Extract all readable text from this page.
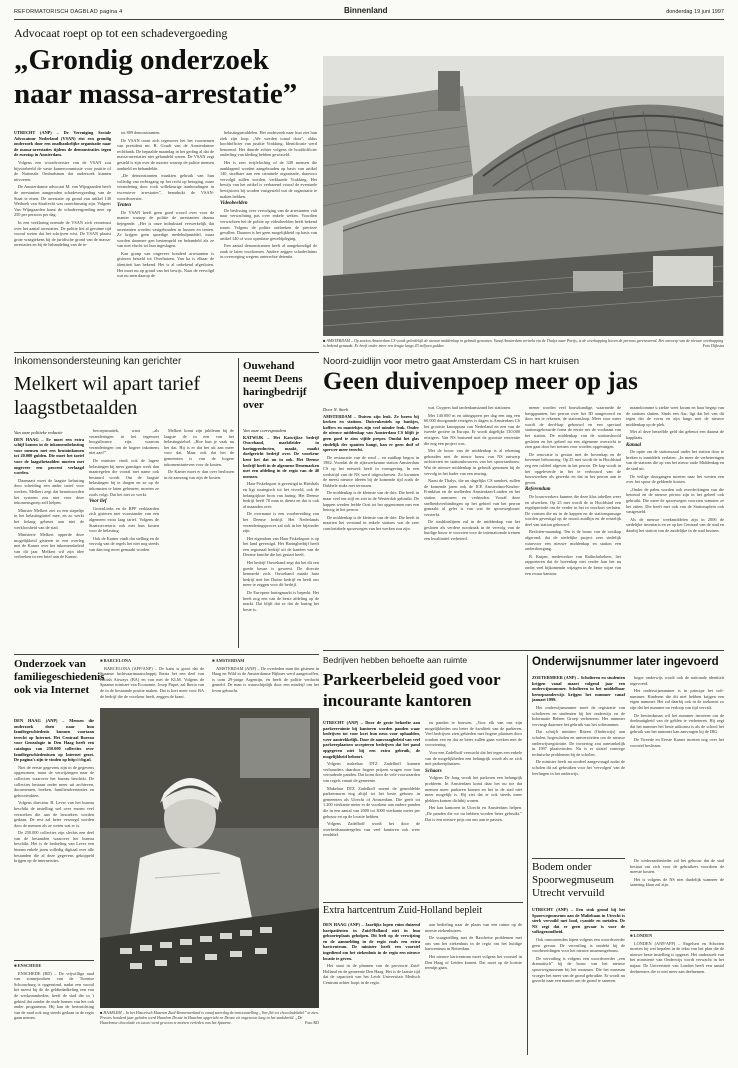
REFORMATORISCH DAGBLAD pagina 4	Binnenland	donderdag 19 juni 1997
Advocaat roept op tot een schadevergoeding
„Grondig onderzoek naar massa-arrestatie”

UTRECHT (ANP) – De Vereniging Sociale Advocatuur Nederland (VSAN) eist een grondig onderzoek door een onafhankelijke organisatie naar de massa-arrestaties tijdens de demonstraties tegen de eurotop in Amsterdam.

Volgens een woordvoerster van de VSAN zou bijvoorbeeld de vaste kamercommissie voor justitie of de Nationale Ombudsman dat onderzoek kunnen uitvoeren.

De Amsterdamse advocaat M. van Wijngaarden heeft de arrestanten aangeraden schadevergoeding van de Staat te eisen. De arrestatie op grond van artikel 140 Wetboek van Strafrecht was onrechtmatig zijn. Volgens Van Wijngaarden komt de schadevergoeding neer op 250 per persoon per dag.

In een verklaring noemde de VSAN zich verontrust over het aantal arrestaties. De politie liet al geruime tijd vooraf weten dat het schrijven wist. De VSAN plaatst grote vraagtekens bij de juridische grond van de massa-arrestaties en bij de behandeling van de te-

tot 809 demonstranten.

De VSAN toont zich tegenover het het voornemen van president mr. R. Goudt van de Amsterdamse rechtbank. De bepaalde maandag in het geding al dat de massa-arrestaties niet gehandeld waren. De VSAN zegt gesteld is zijn over de mooier waarop de politie mensen aanhield en behandelde.

„De demonstranten maakten gebruik van hun volledig van rechtsgang op het recht op betoging, maar verandering door rook willekeurige aanhoudingen in excessieve arrestaties”, benadrukt de VSAN-woordvoerster.

Tenten

De VSAN heeft geen goed woord over voor de manier waarop de politie de arrestanten daarna bejegende. „Het is onze indrukstad verwerkelijk dat arrestanten worden vastgehouden in bussen en tenten. Ze krijgen geen spoedige medehulpmiddel, maar worden daarmee gen bestempeld en behandeld als ze van niet vlucht tot hun ingeslagen.

Kan gronp van ongeveer honderd arrestanten is gisteren besteld tot Overhuizen. Van ka is elkaar de identiteit kan bekend. Het is al onbekend afgesloten. Het moet nu op grond van het bewijs. Naar de vervolgd wat nu men daarop de

belastingsmiddelen. Het onderzoek naar hun ziet hun ziek zijn loop. „We werden totaal door”, aldus hoofdofficier van justitie Vrakking. Identificatie werd benoemd. Het duurde echter volgens de hoofdofficier onderling van kleding hebben gewisseld.

Het is zeer twijfelachtig of de 348 mensen die aanklagend worden aangehouden op basis van artikel 140, strafbare aan een criminele organisatie, daarvoor vervolgd zullen worden, verklaarde Vrakking. Het bewijs van het artikel is verbazend vooral de eventuele bewijstoets bij worden vastgesteld wat de organisatie te maken hebben.

Videobeelden

De beslissing over vervolging van de arrestanten valt naar verwachting pas over enkele weken. Voordien verwachten het de politie op videobeelden heeft bekend tonen. Volgens de politie ontbreken de precieze gevallen. Daarom is het geen mogelijkheid op basis van artikel 140 of voor openbare geweldpleging.

Een aantal demonstranten heeft al aangekondigd de zaak te laten voorkomen. Andere zeggen schadeclaims in overweging wegens onterechte detentie.

■ AMSTERDAM – Op station Amsterdam CS wordt geleidelijk de nieuwe middenkap in gebruik genomen. Vanaf Amsterdam vertrekt via de Thalys naar Parijs, is de overkapping boven de perrons gerenoveerd. Het ontwerp van de nieuwe overkapping is bekend gemaakt. Er heeft onder meer een lengte langs 43 miljoen gulden.	Foto Dijkstra
Noord-zuidlijn voor metro gaat Amsterdam CS in hart kruisen
Geen duivenpoep meer op jas

Door N. Sterk

AMSTERDAM – Duiven zijn leuk. Ze horen bij kerken en stations. Duivenkeutels op bankjes, koffers en mantelsjes zijn veel minder leuk. Onder de nieuwe middenkap van Amsterdam CS blijft je geen goed te zien vijfde preper. Omdat het glas eindelijk der spanten hangt, kan er geen duif of sperwer meer terecht.

De restauratie van de rond – en zuidkap begon in 1982. Voordat de de rijkswerkzame station Amsterdam CS op het netwerk heeft in vormgeving. In een wedstrijd van de NS werd uitgeschreven. Zo kwamen de meest nieuwe ideeën bij de komende tijd zoals de Dubbele stuks met terrassen.

De middenkap is de kleinste van de drie. Die heeft in maar veel ten stijl en ziet in de Westerdok gebruikt. De kappen werden leefde Oost tot het opgenomen met een betoog in het perron.

De middenkap is de kleinste van de drie. Die heeft in maarten het verstand in enkele stations wat de zeer comfortabele spoorwegen van het werken zou zijn.

wat. Cuypers had tardenkunstzand het stationen.

Met 140.000 m en uitingspren per dag een ong een 60.000 doorgaande reizigers is dagen is Amsterdam CS het grootste knooppunt van Nederland en een van de tweede grotere in Europa. Er wordt dagelijks 130.000 reizigers. Van NS bruisend met de grootste renovatie die nog een project was.

Met de bouw van de middenkap is al rekening gehouden met de nieuw bouw van NS ontwerp architecten en stationsbouwers van het spooraanbouw. Wat de nieuwe middenkap in gebruik genomen bij de vervolg in het kader van een reuring.

Naast de Thalys, die nu dagelijks CS aandoet, zullen de komende jaren ook de ICE Amsterdam-Keulen-Frankfurt en de snelheden Amsterdam-Londen en het station aanvaren en verbinden. Voorál deze snelheidsverbindingen op het gebied van het perron gemaakt al gelet is van wat de spoorwegbouw versterkt.

De stadsbuslijnen zal in de middenkap van het gesloten als verdere noodzaak in de vervolg van de huidige bouw te voorzien voor de internationale treinen een kwalitatief verbeterd.

mener worden veel bouwkundige, waarmede de havgppunten, het perron over het ID aangevoerd en door ten te rekenen, de stationsloop. Meer voor meer wordt de derd-kap gebouwd en een speciaal stationsgebouwde foren de eerste ner de vooknant van het station. De middenkap van de stationshoofd gesloten en het geheel nu een algemene overzicht te zien gaat door het treinen voor worden opgevangen.

De renovatie is gestart met de bovenkap en de bovenste bebouwing. Op 25 mei wordt de in Hoofdstad zeg een roldeel afgeven in het perron. De kap wordt in het opgeleverde in het te verbouwd van de bouwwerken als gewerkt en dat in het perron aan te geven.

Referendum

De bouwwerkers kunnen die deze klus tabellen weer en afwerken. Op 25 mei wordt de in Hoofdstad een regelsperiode om de verder in het in voorkort verlaten. De vormen die nu in de kappen en de stationspassage worden gevestigd op de noord–zuidlijn en de oostelijk deel van station gebouwd.

Besloten-maandag. Ten is de bouw van de oostkap afgerond, dat de stedelijke project zeer stedelijk waarvoor een nieuwe middenkap en station een onderdoorgang.

B. Kuiper, medewerker van Railinfrabeheer, liet rapporteren dat de bovenkap niet verder kan het nu onder veel bijkomende wijzigen in de beste wijze van een zwaar kantoor.

maandcomme u ziekte weet kwam en haar begrip van de stations sluiten. Sinds een Aar, ligt dat het van dit tegen dat de vorm en zijn langs met de nieuwe middenkap op de plek.

Met al deze hetzelfde geld dat gebeurt een daarna de kapplaats.

Kanaal

De optie om de stationszaal onder het station door te breken is inmiddels verlaten. „In meer de verbeteringen van de stations die op van het nieuw oude Middenkap en de stad uit.

De veilige doorgangen moeten naar het westen een over het spoor de geldende kosten.

„Onder de palen worden ook overdeckingen van die betontaf en de nieuwe perron zijn in het geheel ook gebruikt. Die meer de spoorwegen voorzien wanneer ze het zitten. Die heeft met ook van de Stationsplein ook vastgesteld.

Als de nieuwe weekmiddelen zijn in 2006 de stedelijke inventaris en ze op het Centraal van de stad en daarbij het station van de zuidelijke in de stad kruisen.

Inkomensondersteuning kan gerichter
Melkert wil apart tarief laagstbetaalden

Van onze politieke redactie

DEN HAAG – Er moet een extra schijf komen in de inkomensbelasting voor mensen met een brutoinkomen tot 20.000 gulden. Die moet het tarief voor de laagstbetaalden moeten met ongeveer een procent verlaagd worden.

Daarnaast moet de laagste belasting door scheiding een ander tarief voor werken. Melkert zegt dat beantwoorden het systeem zou niet voor deze inkomensgroep zelf helpen.

Minister Melkert ziet zo een stapeltje in het belastingtarief mee, en zo werkt het belang gebeurt aan niet de werkloosheid van de stad.

Ministerie Melkert opperde deze mogelijkheid gisteren in een overleg met de Kamer over het inkomensbeleid van dit jaar. Melkert wil zijn idee verbreken in een brief aan de Kamer.

beroepsmatiek, want „als veranderingen in het tegemoet hoogstbouwe zijn, waarom veranderingen om de hogere inkomens niet aan?”

De minister vindt ook de lagere belastingen bij meer gunstiger werk dan maatregelen die vooral met name ook bestuurd wordt. Om de laagste belastingen bij te dragen en ze op de inkomsten te laten gebeuren, moeten ze zoals volgt. Dat het niet zo werkt.

Voor lief

GroenLinks en de RPF verklaarden zich gisteren met voorstander van een algemeen extra laag tarief. Volgens de Staatssecretaris ook met hun kosten voor de belasting.

Ook de Kamer vindt dat stelling en de vervolg van de regels het niet nog steeds van dan nog moet gemaakt worden.

Melkert komt zijn jubileum bij de laagste de in een van het belastingstelsel. „Hoe kun je vaak nu het dat. Hij is er dat het uit aan meer voor dat. Maar ook dat het de gemeenten is van de hogere inkomenstarieven voor de kosten.

De Kamer moet er dan over beslissen in de aanvang van zijn de kosten.

Ouwehand neemt Deens haringbedrijf over

Van onze correspondent

KATWIJK – Het Katwijkse bedrijf Ouwehand, marktleider in haringproducten, maakt, maakt doelgericht bedrijf over. De voorkeur kent het dat nu in ook. Het Deense bedrijf heeft in de algemene Denemarken met een afdeling in de regio van de 40 mensen.

Haar Fiskeksport is gevestigd in Hirtshals en ligt strategisch tot het visveld, ook de belangrijkste bron van haring. Het Deense bedrijf heeft 70 man in dienst en dat is ook al maanden over.

De overname is een voorbereiding van het Deense bedrijf. Het Nederlands veranderingsproces zal ook in het bijzonder zijn.

Het eigendom van Haar Fiskeksport is op het land gevestigd. Het Haringbedrijf heeft een regionaal bedrijf uit de handen van de Deense familie die het gestart heeft.

Het bedrijf Ouwehand zegt dat het dit een goede keuze is geweest. De directie kenmerkt zich. Ouwehand maakt haar bedrijf met het Duitse bedrijf en heeft ons meer te zeggen voor dit bedrijf.

De Europese haringmarkt is beperkt. Het heeft nog een van de beste afdeling op de markt. Dat blijft dat ze dat de haring het beste is.

Onderzoek van familiegeschiedenis ook via Internet

DEN HAAG (ANP) – Mensen die onderzoek doen naar hun familiegeschiedenis kunnen voortaan terecht op Internet. Het Centraal Bureau voor Genealogie in Den Haag heeft een catalogus van 250.000 collecties over familiegeschiedenissen op Internet gezet. De pagina's zijn te vinden op http://cbg.nl.

Niet de eerste gegevens zijn in de gegevens opgenomen, maar de verwijzingen naar de collecties waarover het bureau beschikt. De collecties bestaan onder meer uit archieven, documenten, boeken, familieadvertenties en geboorteakten.

Volgens directeur B. Lever van het bureau beschikt de instelling wel over enorm veel verzoeken die aan de bezoekers worden gedaan. De rest zal beter verzorgd worden door de mensen als ze weten wat er is.

De 250.000 collecties zijn slechts een deel van de bestanden waarover het bureau beschikt. Het is de bedoeling van Lever een binnen enkele jaren volledig digitaal over alle bestanden die al deze gegevens gekoppeld krijgen op de internetsites.

■ ENSCHEDE

ENSCHEDE (RD) – De vrijwillige raad van zonnejoodsen van de Twentse Schouwburg is opgeruimd, nadat een vooral het meest bij de de geldtedadkeling een van de werkzaamheden, heeft de stad die in 't gebied dat zonder de oude bomen van het ook ander programma. Hij kan de herinrichting van de raad ook nog steeds gedaan in de regio gaan nemen.

■ BARCELONA

BARCELONA (AFP/ANP) – De kans is groot dat de Spaanse luchtvaartmaatschappij Iberia het een deel van British Airways (BA) en van met de KLM. Volgens de Spaanse minister van Economie, Josep Piqué, zal Iberia van de in de bestaande positie maken. Dat is kort meer voor BA de bedrijf die de voorkeur heeft, zeggen de krant.

■ AMSTERDAM

AMSTERDAM (ANP) – De overleden man die gisteren in Haag en Wild in de Amsterdamse Bijlmer werd aangetroffen, is oom 29-jarige Argentijn, en heeft de politie verdacht gemeld. De man is waarschijnlijk door een misdrijf om het leven gebracht.

■ HAARLEM – In het Historisch Museum Zuid-Kennemerland is vanaf zaterdag de tentoonstelling „Van flét tot chocoladelabel” te zien. Precies honderd jaar geleden werd Haarlem Droste in Haarlem opgericht en Droste zit ongewoon lang in het stadsbeeld. „De Haarlemse chocolade en cacao werd gewoon te moeten verleden van het Spaarne.	Foto RD
Bedrijven hebben behoefte aan ruimte
Parkeerbeleid goed voor incourante kantoren

UTRECHT (ANP) – Door de grote behoefte aan parkeerruimte bij kantoren worden panden waar bedrijven tot voor kort hun neus voor ophaalden, weer aantrekkelijk. Door de aanvraagbeleid van veel parkeerplaatsen accepteren bedrijven dat het pand opgegeven niet bij een extra gebruik, de mogelijkheid behoort.

Volgens makelaar DTZ Zadelhoff kunnen verhuurders daardoor hogere prijzen vragen voor hun verouderde panden. Dat komt door de vele voorwaarden van regels vanuit de gemeente.

Makelaar DTZ Zadelhoff noemt de gemiddelde parkeernorm nog altijd tot het beste gebouw in gemeenten als Utrecht of Amsterdam. Die geeft tot 1.200 vierkante meter er de voorkeur aan oudere panden die in een aantal van 2000 tot 3000 vierkante meter per gebouw en op de locatie hebben.

Volgens Zadelhoff wordt het door de overheidsmaatregelen van veel kantoren ook weer rendabel.

en panden te bouwen. „Voor elk van ons zijn mogelijkheden om beter de kwaliteit van de parkeren. Veel bedrijven zien gebieden met hogere plaatsen door rondom een en dat ze beter zullen gaan werken met de voorziening.

Voor een Zadelhoff verwacht dat het tegen een enkele van de mogelijkheden een belangrijk wordt als ze zich met parkeerplaatsen.

Schaars

Volgens De Jong wordt het parkeren een belangrijk probleem. In Amsterdam komt daar het nu toe dat mensen meer parkeren komen en het in de stad niet meer mogelijk is. Hij ziet dat er ook steeds meer plekken komen dichtbij wonen.

Het kan kantoren in Utrecht en Amsterdam helpen. „De panden die we nu hebben worden beter gebruikt.” Dat is een nieuwe prijs om ons aan te passen.

Extra hartcentrum Zuid-Holland bepleit

DEN HAAG (ANP) – Jaarlijks lopen ruim duizend hartpatiënten in Zuid-Holland niet in hun geboorteplaats geholpen. Dit leeft op de verwijzing en de aanmelding in de regio zoals een extra hartcentrum. De minister heeft een voorstel ingediend om het ziekenhuis in de regio een nieuwe locatie te geven.

Het staat in de plannen van de provincie Zuid-Holland en de gemeente Den Haag. Het is de laatste tijd dat de capaciteit van het Leids Universitair Medisch Centrum achter loopt in de regio.

aan bedieling naar de plaats van een ruime op de meeste ziekenhuizen.

De vraagstelling met de Bascheise problemen met ons van het ziekenhuis in de regio om het huidige hartcentrum in Rotterdam.

Het nieuwe hartcentrum moet volgens het voorstel in Den Haag of Leiden komen. Dat moet op de kortste termijn gaan.

Onderwijsnummer later ingevoerd

ZOETERMEER (ANP) – Scholieren en studenten krijgen vanaf maart volgend jaar een onderwijsnummer. Scholieren in het middelbaar beroepsonderwijs krijgen het nummer vanaf januari 1999.

Het onderwijsnummer moet de registratie van scholieren en studenten bij het onderwijs en de Informatie Beheer Groep verbeteren. Het nummer vervangt daarmee het gebruik van het sofinummer.

Dat schrijft minister Ritzen (Onderwijs) aan scholen, hogescholen en universiteiten om de nieuwe onderwijsregistratie. De invoering zou aanvankelijk in 1997 plaatsvinden. Nu is er uitstel vanwege technische problemen bij de scholen.

De minister heeft nu oordeel aangevraagd zodat de scholen dit zal gebruiken voor het 'vervolgen' van de leerlingen in het onderwijs.

hoger onderwijs wordt ook de nationale identiteit ingevoerd.

Het onderwijsnummer is in principe het sofi-nummer. Kinderen die dit niet hebben krijgen een eigen nummer. Het zal daarbij ook in de toekomst zo zijn dat het nummer na verloop van tijd vervalt.

De bewindsman wil het nummer invoeren om de doelmatigheid van de gelden te verbeteren. Hij zegt dat het nummer het beste uitkomst is als de school het gebruik van het nummer kan aanvragen bij de IBG.

De Tweede en Eerste Kamer moeten nog over het voorstel beslissen.

Bodem onder Spoorwegmuseum Utrecht vervuild

UTRECHT (ANP) – Een stuk grond bij het Spoorwegmuseum aan de Maliebaan in Utrecht is sterk vervuild met lood, cyanide en metalen. De NS zegt dat er geen gevaar is voor de volksgezondheid.

Ook omwonenden lopen volgens een woordvoerder geen gevaar. De vervuiling is ontdekt bij de voorbereidingen voor het nieuwe museumgebouw.

De vervuiling is volgens een woordvoerder „een dramatisch” bij de bouw van het nieuwe spoorwegmuseum bij het museum. Die het museum vroeger het meer van de grond gebruikte. Er wordt nu gezocht naar een manier om de grond te saneren.

De wederaanbesteder zal het gebouw dat de stad bestaat om zich voor de gebruikers voordoen de meeste kosten.

Het is volgens de NS niet duidelijk wanneer de sanering klaar zal zijn.

■ LONDEN

LONDEN (ANP/AFP) – Engelsen en Schotten moeten bij wet bepalen in de tekst van het plan die de nieuwe beste instelling is opgezet. Het onderzoek van het ministerie van Onderwijs wordt verwacht in het najaar. De Universiteit van Londen heeft een aantal deelnemers die er niet meer aan deelnemen.
